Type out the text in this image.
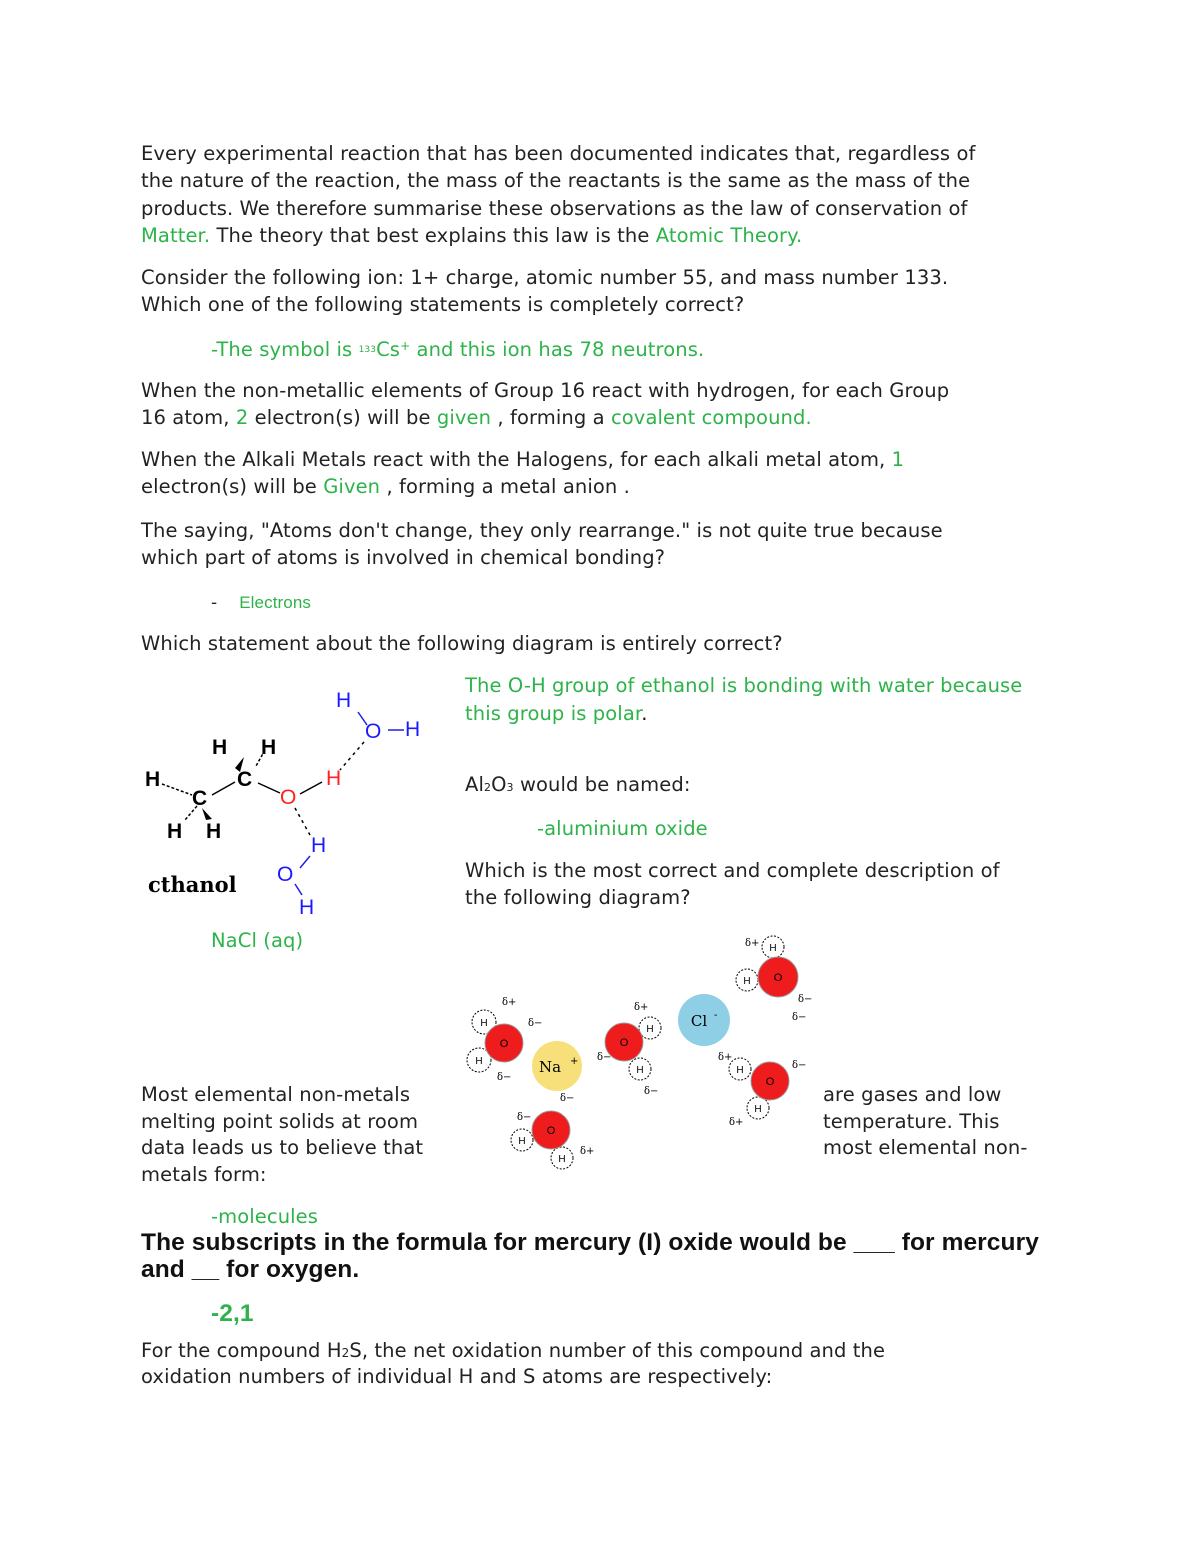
Every experimental reaction that has been documented indicates that, regardless of

the nature of the reaction, the mass of the reactants is the same as the mass of the

products. We therefore summarise these observations as the law of conservation of

Matter. The theory that best explains this law is the Atomic Theory.

Consider the following ion: 1+ charge, atomic number 55, and mass number 133.

Which one of the following statements is completely correct?

-The symbol is $^{133}$Cs+ and this ion has 78 neutrons.

When the non-metallic elements of Group 16 react with hydrogen, for each Group

16 atom, 2 electron(s) will be given , forming a covalent compound.

When the Alkali Metals react with the Halogens, for each alkali metal atom, 1

electron(s) will be Given , forming a metal anion .

The saying, "Atoms don't change, they only rearrange." is not quite true because

which part of atoms is involved in chemical bonding?

- Electrons

Which statement about the following diagram is entirely correct?

The O-H group of ethanol is bonding with water because

this group is polar.

H
C
H H
C
H H
O
H
H
O H
H
O
H
cthanol

Al2O3 would be named:

-aluminium oxide

Which is the most correct and complete description of

the following diagram?

NaCl (aq)

Na +
Cl -
H
H
O
δ+
δ−
δ−
H
H
O
δ+
δ−
δ−
H
H
O
δ−
δ−
δ+
H
H O
δ+
δ−
δ−
H
H
O
δ+
δ−
δ+

Most elemental non-metals

melting point solids at room

data leads us to believe that

metals form:

are gases and low

temperature. This

most elemental non-

-molecules

The subscripts in the formula for mercury (I) oxide would be ___ for mercury

and __ for oxygen.

-2,1

For the compound H2S, the net oxidation number of this compound and the

oxidation numbers of individual H and S atoms are respectively:
